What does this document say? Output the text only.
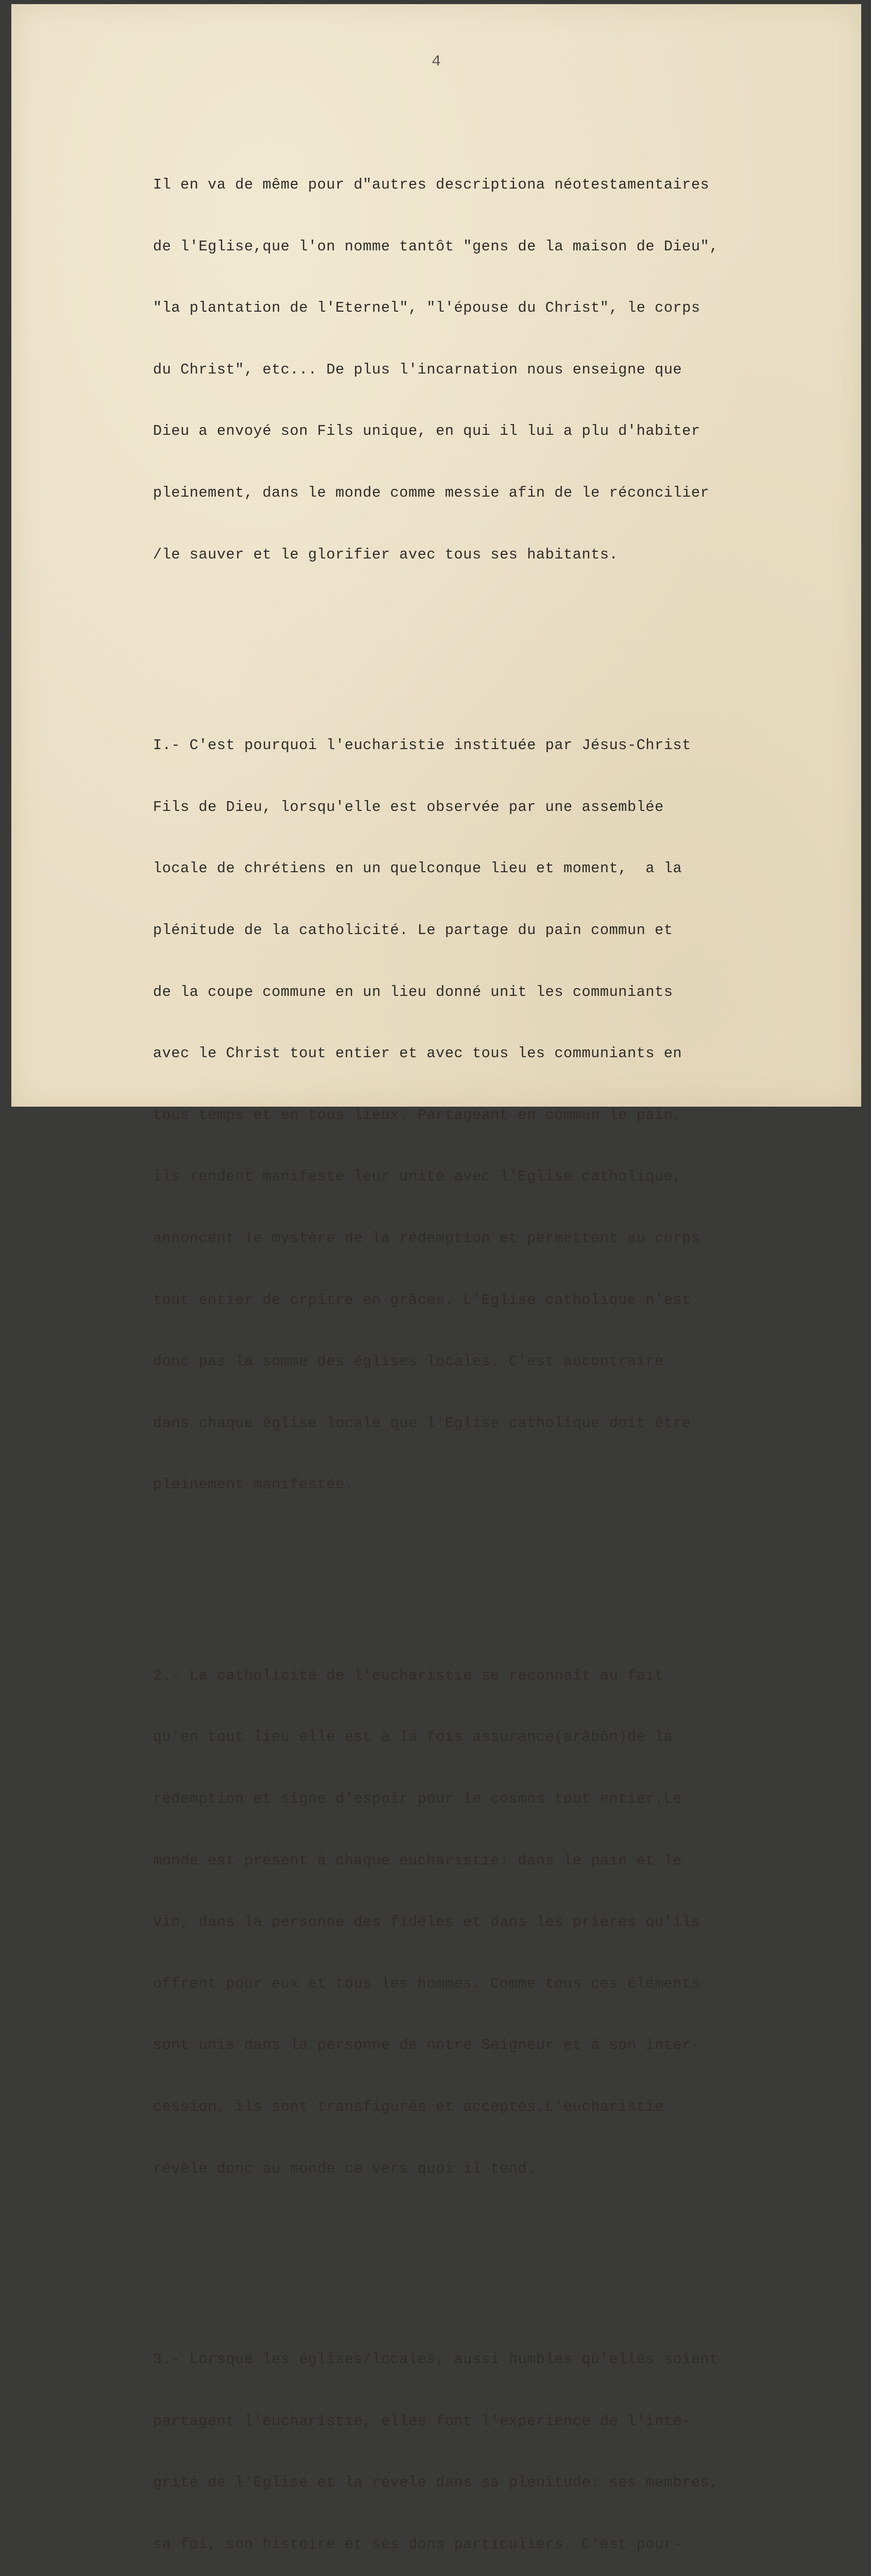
4

Il en va de même pour d"autres descriptiona néotestamentaires

de l'Eglise,que l'on nomme tantôt "gens de la maison de Dieu",

"la plantation de l'Eternel", "l'épouse du Christ", le corps

du Christ", etc... De plus l'incarnation nous enseigne que

Dieu a envoyé son Fils unique, en qui il lui a plu d'habiter

pleinement, dans le monde comme messie afin de le réconcilier

/le sauver et le glorifier avec tous ses habitants.

I.- C'est pourquoi l'eucharistie instituée par Jésus-Christ

Fils de Dieu, lorsqu'elle est observée par une assemblée

locale de chrétiens en un quelconque lieu et moment,  a la

plénitude de la catholicité. Le partage du pain commun et

de la coupe commune en un lieu donné unit les communiants

avec le Christ tout entier et avec tous les communiants en

tous temps et en tous lieux. Partageant en commun le pain,

ils rendent manifeste leur unité avec l'Eglise catholique,

annoncent le mystère de la rédemption et permettent au corps

tout entier de crpître en grâces. L'Eglise catholique n'est

donc pas la somme des églises locales. C'est aucontraire

dans chaque église locale que l'Eglise catholique doit être

pléinement manifestée.

2.- La catholicité de l'eucharistie se reconnaît au fait

qu'en tout lieu elle est à la fois assurance(arâbôn)de la

rédemption et signe d'espoir pour le cosmos tout entier.Le

monde est présent à chaque eucharistie: dans le pain et le

vin, dans la personne des fidèles et dans les prières qu'ils

offrent pour eux et tous les hommes. Comme tous ces éléments

sont unis dans la personne de notre Seigneur et à son inter-

cession, ils sont transfigurés et acceptés.L'eucharistie

révèle donc au monde ce vers quoi il tend.

3.- Lorsque les églises/locales, aussi humbles qu'elles soient

partagent l'eucharistie, elles font l'expérience de l'inté-

grité de l'Eglise et la révèle dans sa plénitude: ses membres,

sa foi, son histoire et ses dons particuliers. C'est pour-
